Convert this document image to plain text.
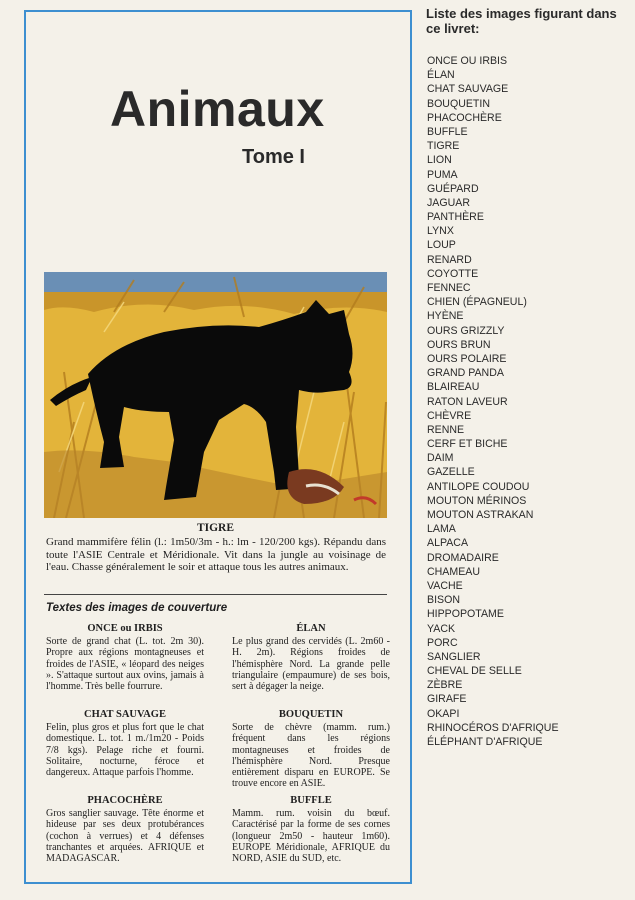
Animaux
Tome I
TIGRE
Grand mammifère félin (l.: 1m50/3m - h.: lm - 120/200 kgs). Répandu dans toute l'ASIE Centrale et Méridionale. Vit dans la jungle au voisinage de l'eau. Chasse généralement le soir et attaque tous les autres animaux.
Textes des images de couverture
ONCE ou IRBIS
Sorte de grand chat (L. tot. 2m 30). Propre aux régions montagneuses et froides de l'ASIE, « léopard des neiges ». S'attaque surtout aux ovins, jamais à l'homme. Très belle fourrure.
CHAT SAUVAGE
Felin, plus gros et plus fort que le chat domestique. L. tot. 1 m./1m20 - Poids 7/8 kgs). Pelage riche et fourni. Solitaire, nocturne, féroce et dangereux. Attaque parfois l'homme.
PHACOCHÈRE
Gros sanglier sauvage. Tête énorme et hideuse par ses deux protubérances (cochon à verrues) et 4 défenses tranchantes et arquées. AFRIQUE et MADAGASCAR.
ÉLAN
Le plus grand des cervidés (L. 2m60 - H. 2m). Régions froides de l'hémisphère Nord. La grande pelle triangulaire (empaumure) de ses bois, sert à dégager la neige.
BOUQUETIN
Sorte de chèvre (mamm. rum.) fréquent dans les régions montagneuses et froides de l'hémisphère Nord. Presque entièrement disparu en EUROPE. Se trouve encore en ASIE.
BUFFLE
Mamm. rum. voisin du bœuf. Caractérisé par la forme de ses cornes (longueur 2m50 - hauteur 1m60). EUROPE Méridionale, AFRIQUE du NORD, ASIE du SUD, etc.
Liste des images figurant dans ce livret:
ONCE OU IRBIS
ÉLAN
CHAT SAUVAGE
BOUQUETIN
PHACOCHÈRE
BUFFLE
TIGRE
LION
PUMA
GUÉPARD
JAGUAR
PANTHÈRE
LYNX
LOUP
RENARD
COYOTTE
FENNEC
CHIEN (ÉPAGNEUL)
HYÈNE
OURS GRIZZLY
OURS BRUN
OURS POLAIRE
GRAND PANDA
BLAIREAU
RATON LAVEUR
CHÈVRE
RENNE
CERF ET BICHE
DAIM
GAZELLE
ANTILOPE COUDOU
MOUTON MÉRINOS
MOUTON ASTRAKAN
LAMA
ALPACA
DROMADAIRE
CHAMEAU
VACHE
BISON
HIPPOPOTAME
YACK
PORC
SANGLIER
CHEVAL DE SELLE
ZÈBRE
GIRAFE
OKAPI
RHINOCÉROS D'AFRIQUE
ÉLÉPHANT D'AFRIQUE
